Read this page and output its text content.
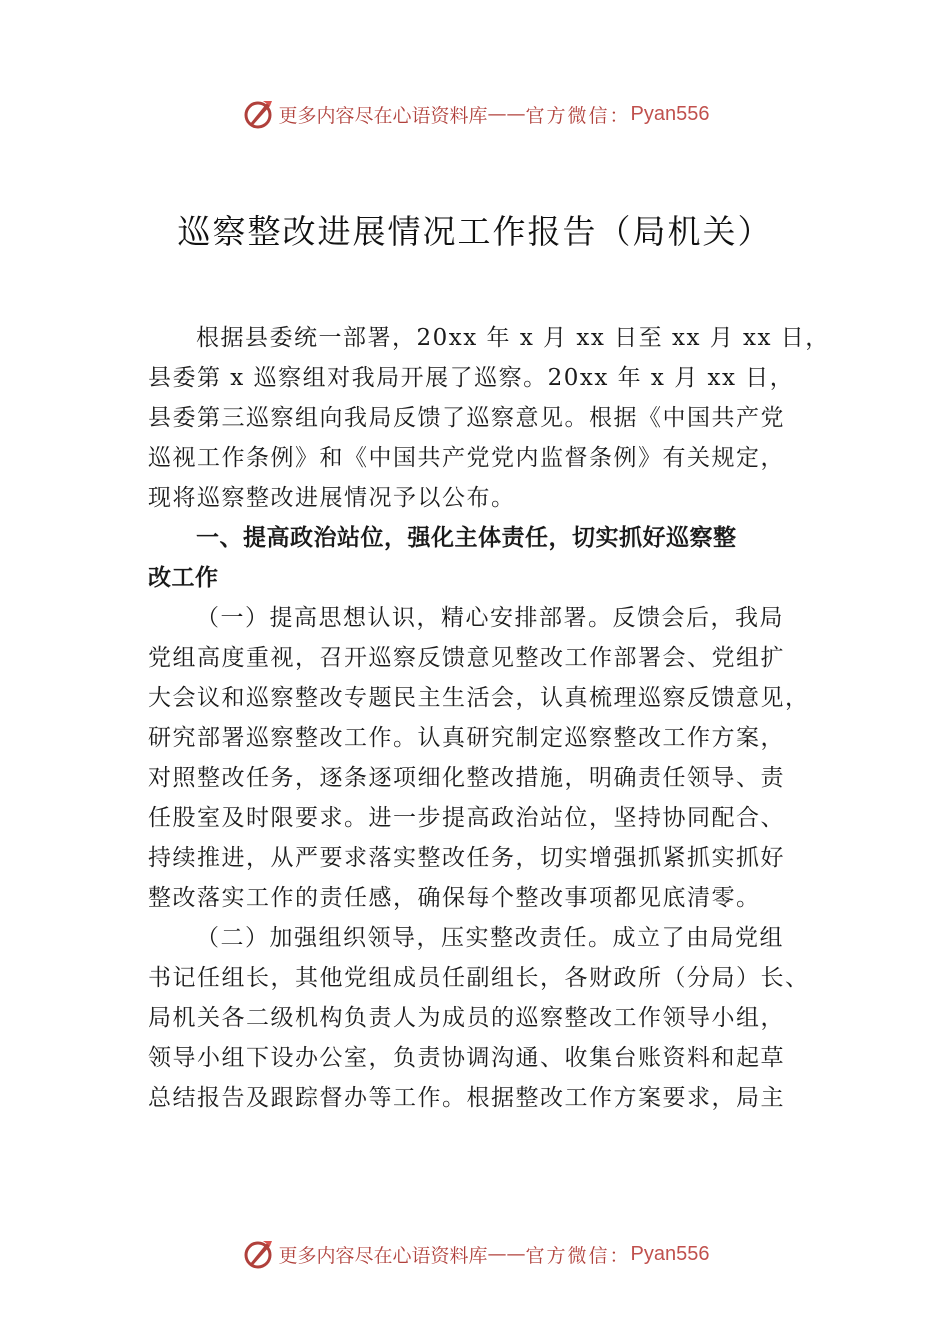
更多内容尽在心语资料库 —— 官方微信： Pyan556
巡察整改进展情况工作报告（局机关）
根据县委统一部署，20xx 年 x 月 xx 日至 xx 月 xx 日，
县委第 x 巡察组对我局开展了巡察。20xx 年 x 月 xx 日，
县委第三巡察组向我局反馈了巡察意见。根据《中国共产党
巡视工作条例》和《中国共产党党内监督条例》有关规定，
现将巡察整改进展情况予以公布。
一、提高政治站位，强化主体责任，切实抓好巡察整
改工作
（一）提高思想认识，精心安排部署。反馈会后，我局
党组高度重视，召开巡察反馈意见整改工作部署会、党组扩
大会议和巡察整改专题民主生活会，认真梳理巡察反馈意见，
研究部署巡察整改工作。认真研究制定巡察整改工作方案，
对照整改任务，逐条逐项细化整改措施，明确责任领导、责
任股室及时限要求。进一步提高政治站位，坚持协同配合、
持续推进，从严要求落实整改任务，切实增强抓紧抓实抓好
整改落实工作的责任感，确保每个整改事项都见底清零。
（二）加强组织领导，压实整改责任。成立了由局党组
书记任组长，其他党组成员任副组长，各财政所（分局）长、
局机关各二级机构负责人为成员的巡察整改工作领导小组，
领导小组下设办公室，负责协调沟通、收集台账资料和起草
总结报告及跟踪督办等工作。根据整改工作方案要求，局主
更多内容尽在心语资料库 —— 官方微信： Pyan556
